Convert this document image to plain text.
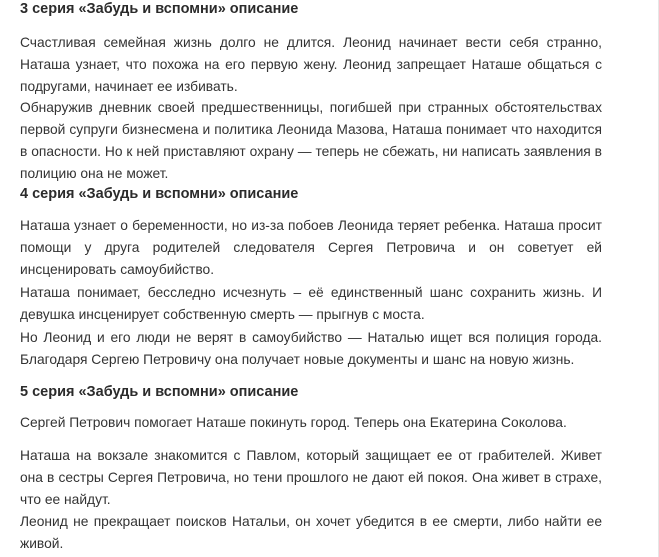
3 серия «Забудь и вспомни» описание

Счастливая семейная жизнь долго не длится. Леонид начинает вести себя странно, Наташа узнает, что похожа на его первую жену. Леонид запрещает Наташе общаться с подругами, начинает ее избивать.

Обнаружив дневник своей предшественницы, погибшей при странных обстоятельствах первой супруги бизнесмена и политика Леонида Мазова, Наташа понимает что находится в опасности. Но к ней приставляют охрану — теперь не сбежать, ни написать заявления в полицию она не может.

4 серия «Забудь и вспомни» описание

Наташа узнает о беременности, но из-за побоев Леонида теряет ребенка. Наташа просит помощи у друга родителей следователя Сергея Петровича и он советует ей инсценировать самоубийство.

Наташа понимает, бесследно исчезнуть – её единственный шанс сохранить жизнь. И девушка инсценирует собственную смерть — прыгнув с моста.

Но Леонид и его люди не верят в самоубийство — Наталью ищет вся полиция города. Благодаря Сергею Петровичу она получает новые документы и шанс на новую жизнь.

5 серия «Забудь и вспомни» описание

Сергей Петрович помогает Наташе покинуть город. Теперь она Екатерина Соколова.

Наташа на вокзале знакомится с Павлом, который защищает ее от грабителей. Живет она в сестры Сергея Петровича, но тени прошлого не дают ей покоя. Она живет в страхе, что ее найдут.

Леонид не прекращает поисков Натальи, он хочет убедится в ее смерти, либо найти ее живой.
